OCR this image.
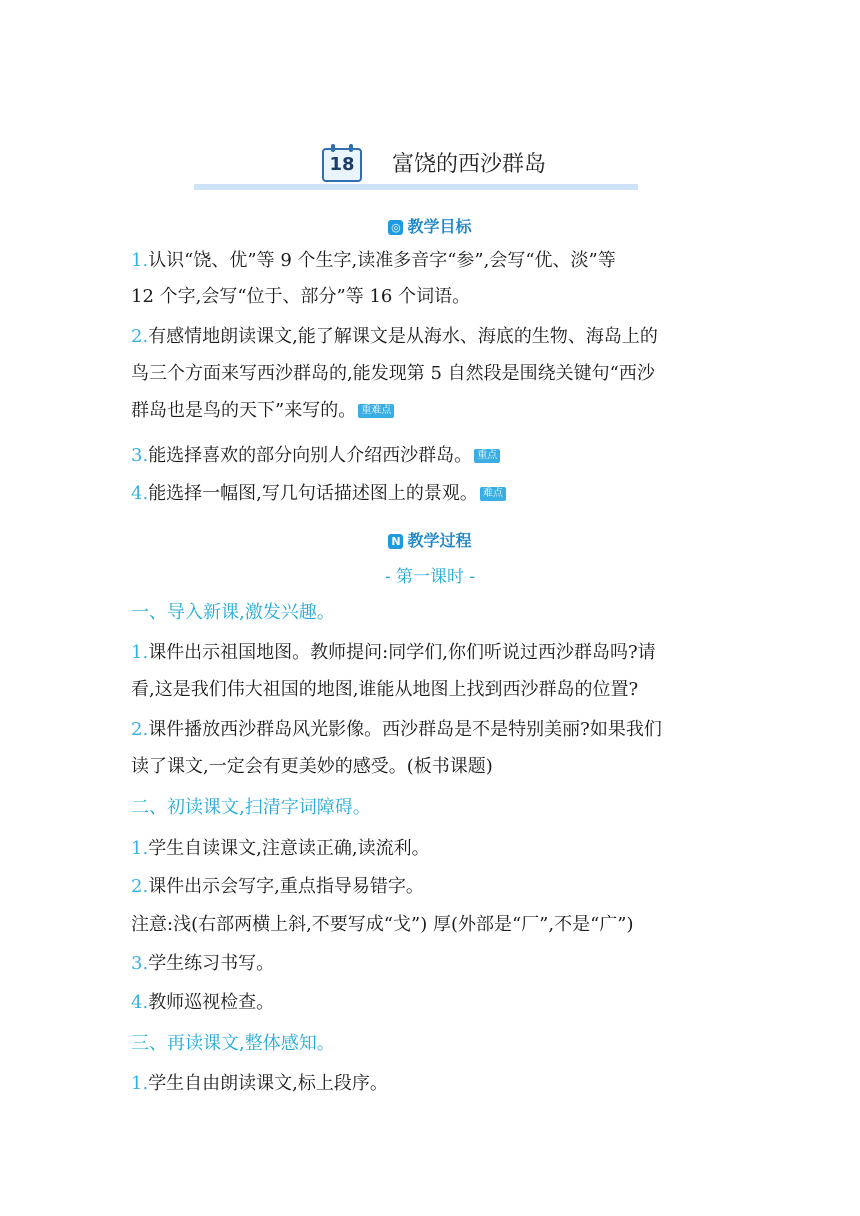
18	富饶的西沙群岛
◎ 教学目标
1.认识“饶、优”等 9 个生字,读准多音字“参”,会写“优、淡”等
12 个字,会写“位于、部分”等 16 个词语。
2.有感情地朗读课文,能了解课文是从海水、海底的生物、海岛上的
鸟三个方面来写西沙群岛的,能发现第 5 自然段是围绕关键句“西沙
群岛也是鸟的天下”来写的。 重难点
3.能选择喜欢的部分向别人介绍西沙群岛。 重点
4.能选择一幅图,写几句话描述图上的景观。 难点
N 教学过程
- 第一课时 -
一、导入新课,激发兴趣。
1.课件出示祖国地图。教师提问:同学们,你们听说过西沙群岛吗?请
看,这是我们伟大祖国的地图,谁能从地图上找到西沙群岛的位置?
2.课件播放西沙群岛风光影像。西沙群岛是不是特别美丽?如果我们
读了课文,一定会有更美妙的感受。(板书课题)
二、初读课文,扫清字词障碍。
1.学生自读课文,注意读正确,读流利。
2.课件出示会写字,重点指导易错字。
注意:浅(右部两横上斜,不要写成“戈”) 厚(外部是“厂”,不是“广”)
3.学生练习书写。
4.教师巡视检查。
三、再读课文,整体感知。
1.学生自由朗读课文,标上段序。
